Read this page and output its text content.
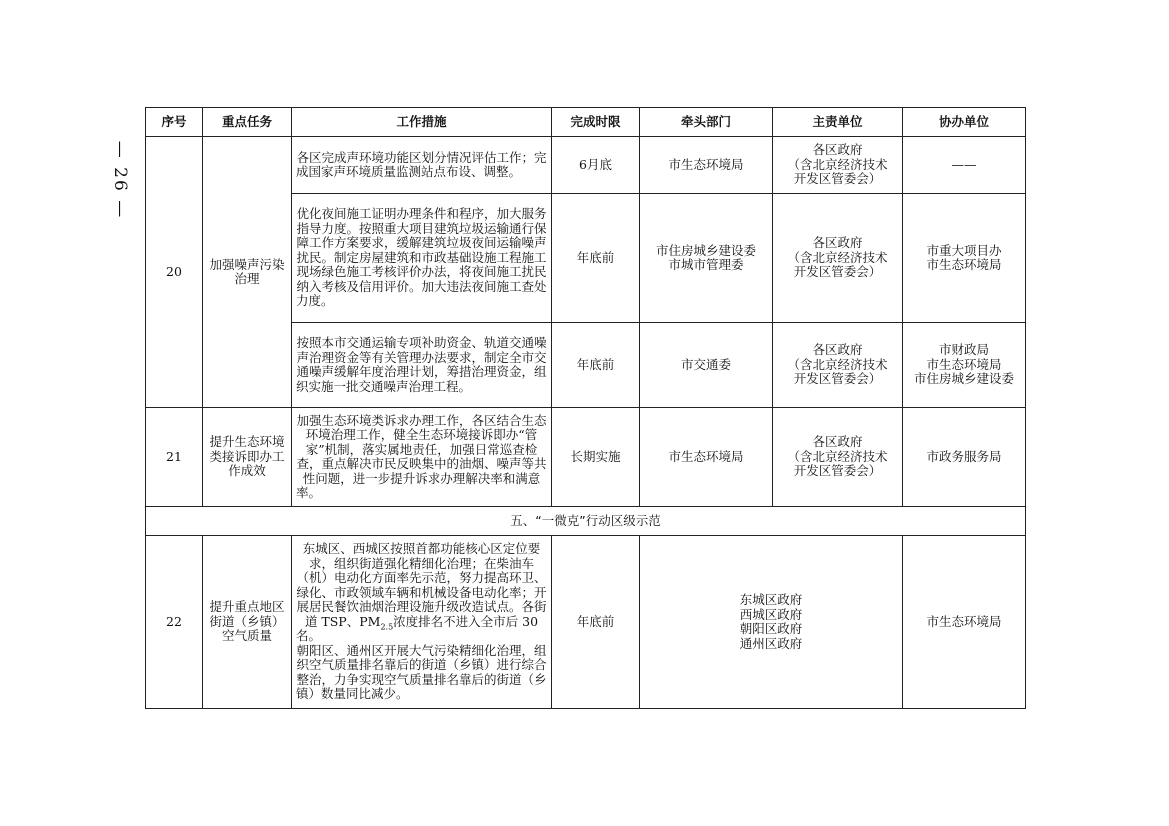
— 26 —
序号	重点任务	工作措施	完成时限	牵头部门	主责单位	协办单位
20	加强噪声污染治理	各区完成声环境功能区划分情况评估工作；完成国家声环境质量监测站点布设、调整。	6月底	市生态环境局	各区政府
（含北京经济技术
开发区管委会）	——
		优化夜间施工证明办理条件和程序，加大服务指导力度。按照重大项目建筑垃圾运输通行保障工作方案要求，缓解建筑垃圾夜间运输噪声扰民。制定房屋建筑和市政基础设施工程施工现场绿色施工考核评价办法，将夜间施工扰民纳入考核及信用评价。加大违法夜间施工查处力度。	年底前	市住房城乡建设委
市城市管理委	各区政府
（含北京经济技术
开发区管委会）	市重大项目办
市生态环境局

		按照本市交通运输专项补助资金、轨道交通噪声治理资金等有关管理办法要求，制定全市交通噪声缓解年度治理计划，筹措治理资金，组织实施一批交通噪声治理工程。	年底前	市交通委	各区政府
（含北京经济技术
开发区管委会）	市财政局
市生态环境局
市住房城乡建设委

21	提升生态环境类接诉即办工作成效	加强生态环境类诉求办理工作，各区结合生态环境治理工作，健全生态环境接诉即办“管家”机制，落实属地责任，加强日常巡查检查，重点解决市民反映集中的油烟、噪声等共性问题，进一步提升诉求办理解决率和满意率。	长期实施	市生态环境局	各区政府
（含北京经济技术
开发区管委会）	市政务服务局
五、“一微克”行动区级示范						
22	提升重点地区街道（乡镇）空气质量	东城区、西城区按照首都功能核心区定位要求，组织街道强化精细化治理；在柴油车（机）电动化方面率先示范，努力提高环卫、绿化、市政领域车辆和机械设备电动化率；开展居民餐饮油烟治理设施升级改造试点。各街道 TSP、$PM_{2.5}$浓度排名不进入全市后 30 名。
朝阳区、通州区开展大气污染精细化治理，组织空气质量排名靠后的街道（乡镇）进行综合整治，力争实现空气质量排名靠后的街道（乡镇）数量同比减少。	年底前	东城区政府
西城区政府
朝阳区政府
通州区政府		市生态环境局
